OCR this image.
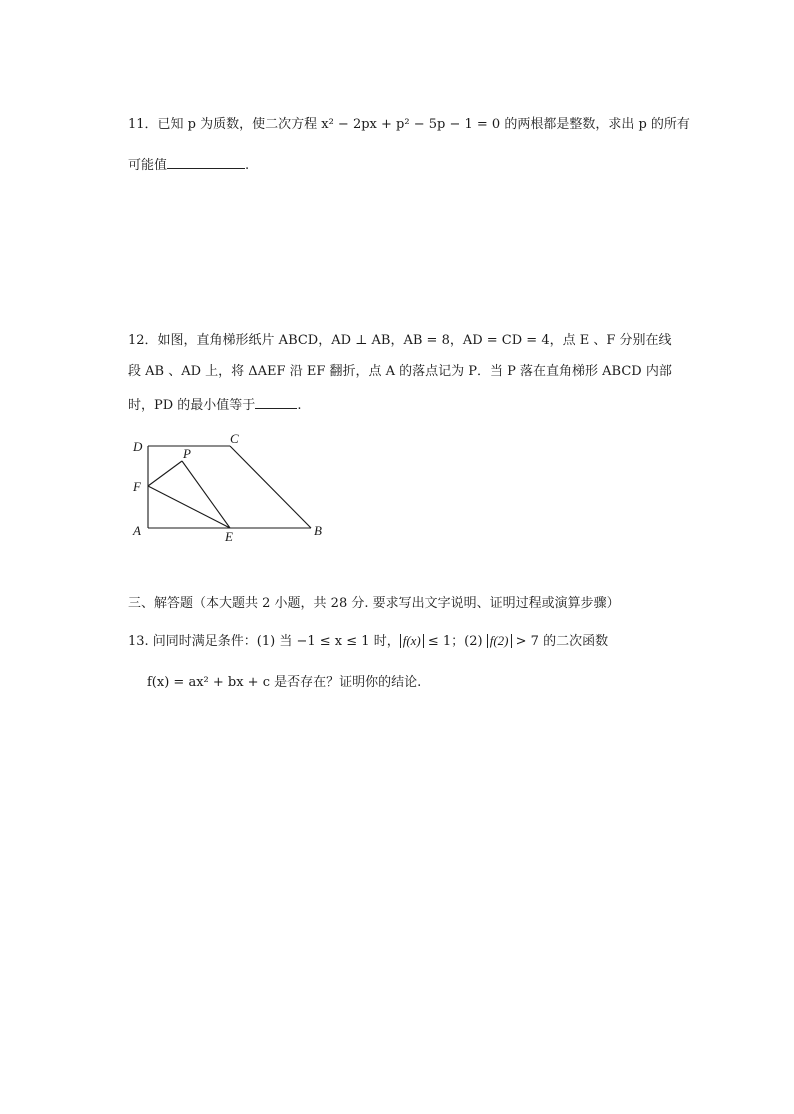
11．已知 p 为质数，使二次方程 x² − 2px + p² − 5p − 1 = 0 的两根都是整数，求出 p 的所有
可能值	.
12．如图，直角梯形纸片 ABCD，AD ⊥ AB，AB = 8，AD = CD = 4，点 E 、F 分别在线
段 AB 、AD 上，将 ΔAEF 沿 EF 翻折，点 A 的落点记为 P．当 P 落在直角梯形 ABCD 内部
时，PD 的最小值等于	.
D
C
P
F
A	E	B
三、解答题（本大题共 2 小题，共 28 分. 要求写出文字说明、证明过程或演算步骤）
13. 问同时满足条件：(1) 当 −1 ≤ x ≤ 1 时， f(x) ≤ 1；(2) f(2) > 7 的二次函数
f(x) = ax² + bx + c 是否存在？证明你的结论.
